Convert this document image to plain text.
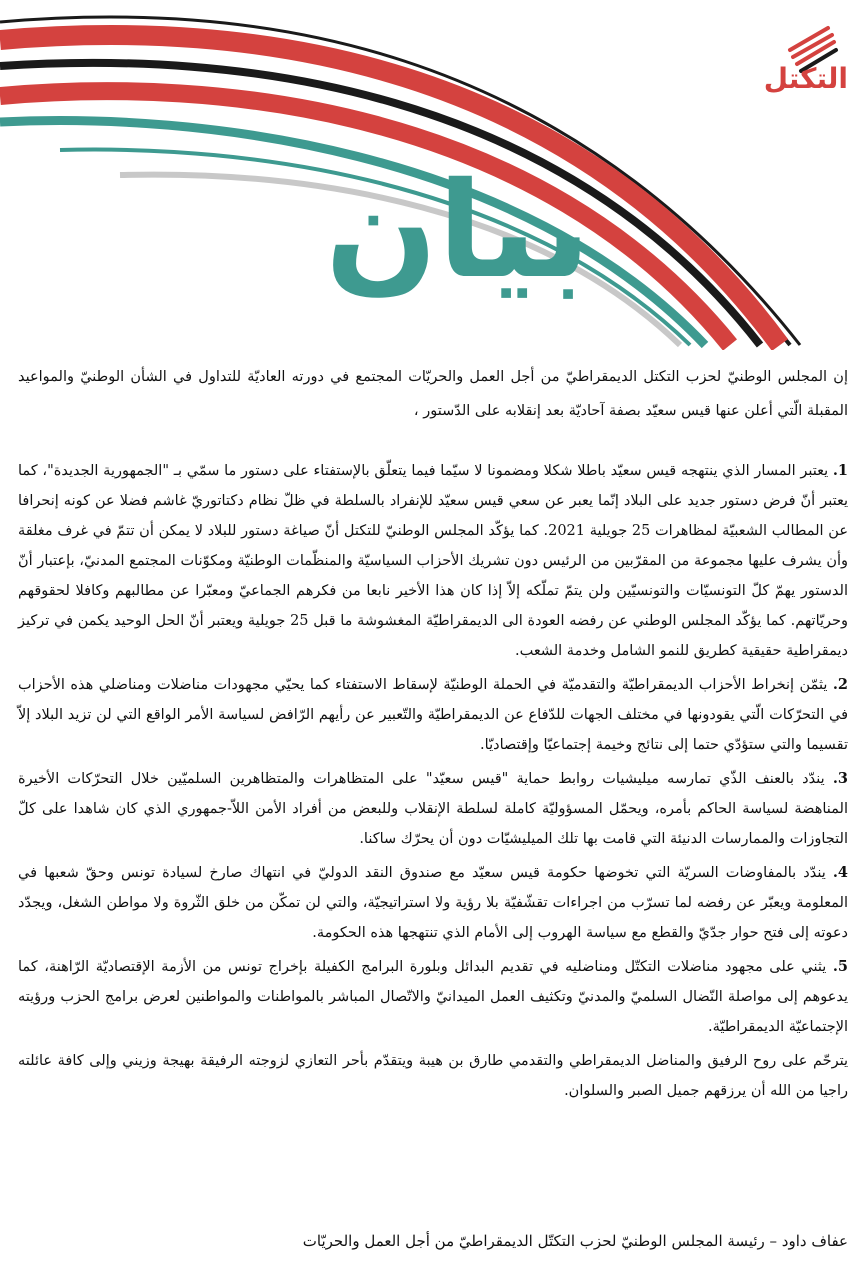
التكتل
بيان

إن المجلس الوطنيّ لحزب التكتل الديمقراطيّ من أجل العمل والحريّات المجتمع في دورته العاديّة للتداول في الشأن الوطنيّ والمواعيد المقبلة الّتي أعلن عنها قيس سعيّد بصفة آحاديّة بعد إنقلابه على الدّستور ،

1. يعتبر المسار الذي ينتهجه قيس سعيّد باطلا شكلا ومضمونا لا سيّما فيما يتعلّق بالإستفتاء على دستور ما سمّي بـ "الجمهورية الجديدة"، كما يعتبر أنّ فرض دستور جديد على البلاد إنّما يعبر عن سعي قيس سعيّد للإنفراد بالسلطة في ظلّ نظام دكتاتوريّ غاشم فضلا عن كونه إنحرافا عن المطالب الشعبيّة لمظاهرات 25 جويلية 2021. كما يؤكّد المجلس الوطنيّ للتكتل أنّ صياغة دستور للبلاد لا يمكن أن تتمّ في غرف مغلقة وأن يشرف عليها مجموعة من المقرّبين من الرئيس دون تشريك الأحزاب السياسيّة والمنظّمات الوطنيّة ومكوّنات المجتمع المدنيّ، بإعتبار أنّ الدستور يهمّ كلّ التونسيّات والتونسيّين ولن يتمّ تملّكه إلاّ إذا كان هذا الأخير نابعا من فكرهم الجماعيّ ومعبّرا عن مطالبهم وكافلا لحقوقهم وحريّاتهم. كما يؤكّد المجلس الوطني عن رفضه العودة الى الديمقراطيّة المغشوشة ما قبل 25 جويلية ويعتبر أنّ الحل الوحيد يكمن في تركيز ديمقراطية حقيقية كطريق للنمو الشامل وخدمة الشعب.

2. يثمّن إنخراط الأحزاب الديمقراطيّة والتقدميّة في الحملة الوطنيّة لإسقاط الاستفتاء كما يحيّي مجهودات مناضلات ومناضلي هذه الأحزاب في التحرّكات الّتي يقودونها في مختلف الجهات للدّفاع عن الديمقراطيّة والتّعبير عن رأيهم الرّافض لسياسة الأمر الواقع التي لن تزيد البلاد إلاّ تقسيما والتي ستؤدّي حتما إلى نتائج وخيمة إجتماعيّا وإقتصاديّا.

3. يندّد بالعنف الذّي تمارسه ميليشيات روابط حماية "قيس سعيّد" على المتظاهرات والمتظاهرين السلميّين خلال التحرّكات الأخيرة المناهضة لسياسة الحاكم بأمره، ويحمّل المسؤوليّة كاملة لسلطة الإنقلاب وللبعض من أفراد الأمن اللاّ-جمهوري الذي كان شاهدا على كلّ التجاوزات والممارسات الدنيئة التي قامت بها تلك الميليشيّات دون أن يحرّك ساكنا.

4. يندّد بالمفاوضات السريّة التي تخوضها حكومة قيس سعيّد مع صندوق النقد الدوليّ في انتهاك صارخ لسيادة تونس وحقّ شعبها في المعلومة ويعبّر عن رفضه لما تسرّب من اجراءات تقشّفيّة بلا رؤية ولا استراتيجيّة، والتي لن تمكّن من خلق الثّروة ولا مواطن الشغل، ويجدّد دعوته إلى فتح حوار جدّيّ والقطع مع سياسة الهروب إلى الأمام الذي تنتهجها هذه الحكومة.

5. يثني على مجهود مناضلات التكتّل ومناضليه في تقديم البدائل وبلورة البرامج الكفيلة بإخراج تونس من الأزمة الإقتصاديّة الرّاهنة، كما يدعوهم إلى مواصلة النّضال السلميّ والمدنيّ وتكثيف العمل الميدانيّ والاتّصال المباشر بالمواطنات والمواطنين لعرض برامج الحزب ورؤيته الإجتماعيّة الديمقراطيّة.

يترحّم على روح الرفيق والمناضل الديمقراطي والتقدمي طارق بن هيبة ويتقدّم بأحر التعازي لزوجته الرفيقة بهيجة وزيني وإلى كافة عائلته راجيا من الله أن يرزقهم جميل الصبر والسلوان.

عفاف داود – رئيسة المجلس الوطنيّ لحزب التكتّل الديمقراطيّ من أجل العمل والحريّات
